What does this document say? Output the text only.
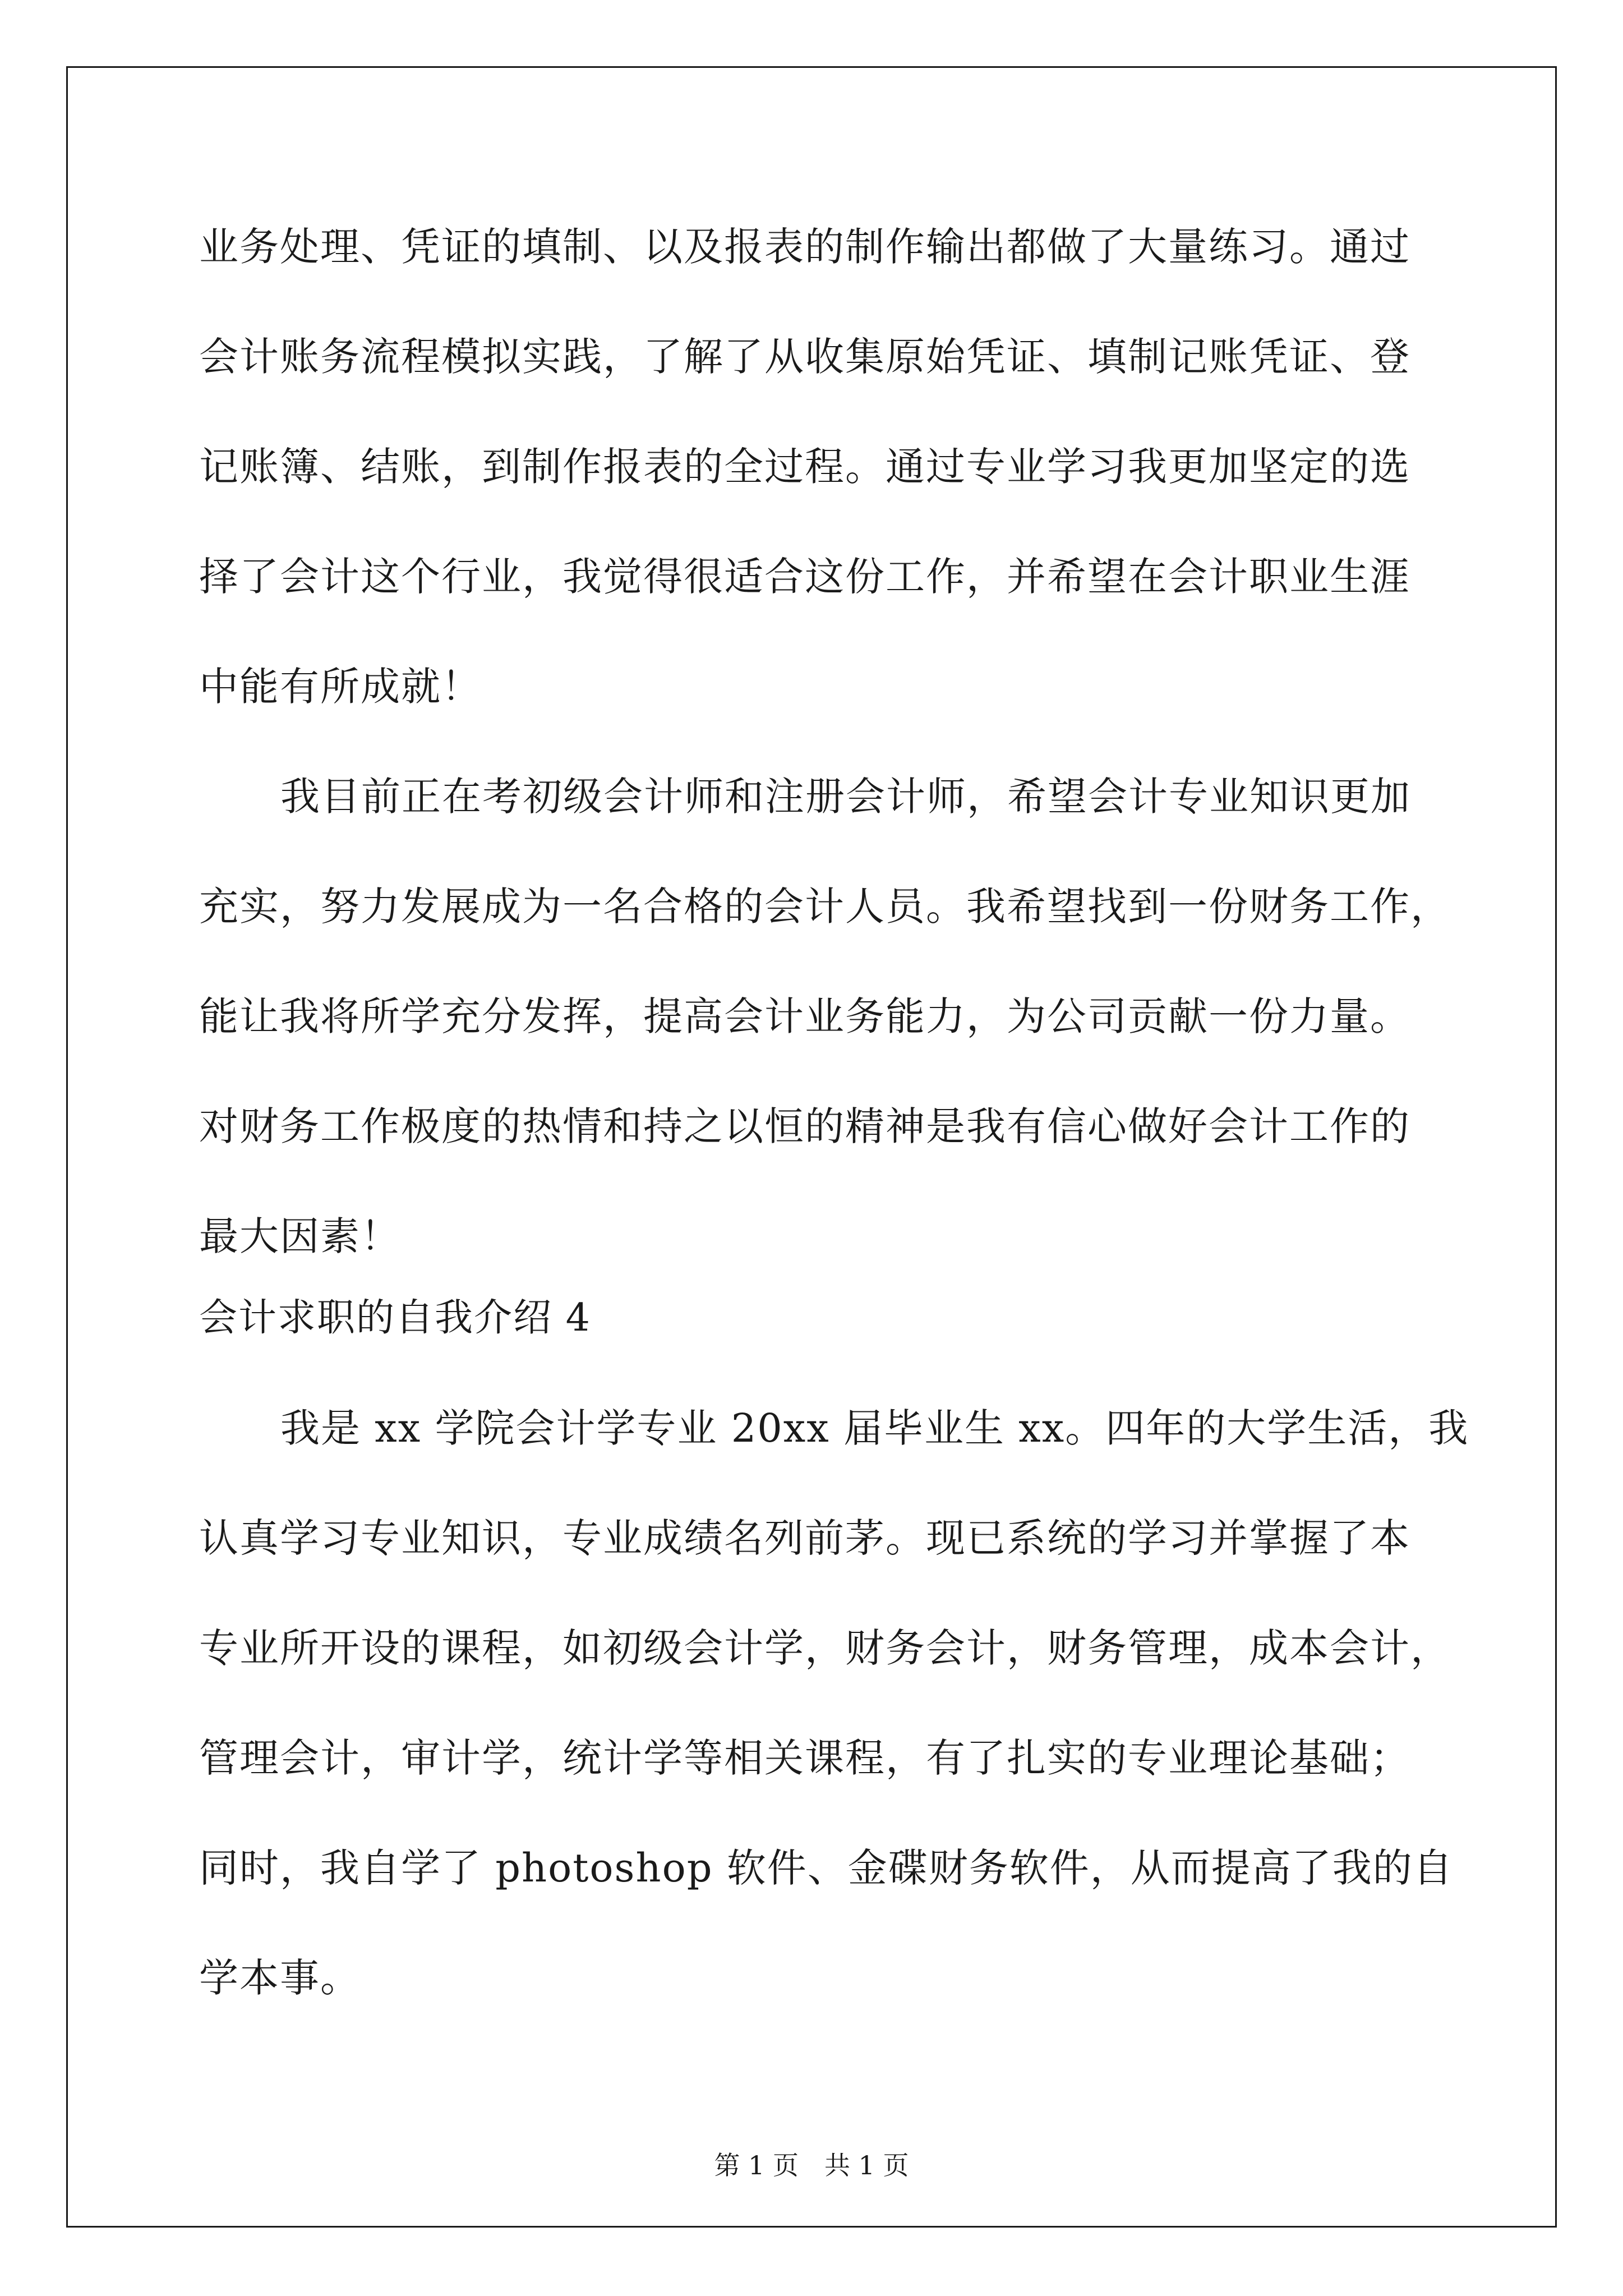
业务处理、凭证的填制、以及报表的制作输出都做了大量练习。通过
会计账务流程模拟实践，了解了从收集原始凭证、填制记账凭证、登
记账簿、结账，到制作报表的全过程。通过专业学习我更加坚定的选
择了会计这个行业，我觉得很适合这份工作，并希望在会计职业生涯
中能有所成就！
我目前正在考初级会计师和注册会计师，希望会计专业知识更加
充实，努力发展成为一名合格的会计人员。我希望找到一份财务工作，
能让我将所学充分发挥，提高会计业务能力，为公司贡献一份力量。
对财务工作极度的热情和持之以恒的精神是我有信心做好会计工作的
最大因素！
会计求职的自我介绍 4
我是 xx 学院会计学专业 20xx 届毕业生 xx。四年的大学生活，我
认真学习专业知识，专业成绩名列前茅。现已系统的学习并掌握了本
专业所开设的课程，如初级会计学，财务会计，财务管理，成本会计，
管理会计，审计学，统计学等相关课程，有了扎实的专业理论基础；
同时，我自学了 photoshop 软件、金碟财务软件，从而提高了我的自
学本事。
第 1 页　共 1 页
